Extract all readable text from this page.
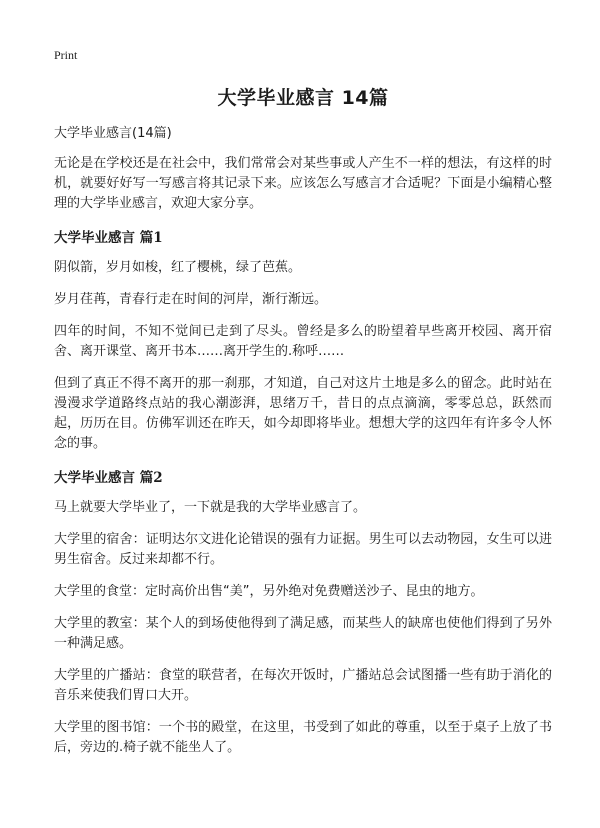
Print
大学毕业感言 14篇

大学毕业感言(14篇)

无论是在学校还是在社会中，我们常常会对某些事或人产生不一样的想法，有这样的时机，就要好好写一写感言将其记录下来。应该怎么写感言才合适呢？下面是小编精心整理的大学毕业感言，欢迎大家分享。

大学毕业感言 篇1

阴似箭，岁月如梭，红了樱桃，绿了芭蕉。

岁月荏苒，青春行走在时间的河岸，渐行渐远。

四年的时间，不知不觉间已走到了尽头。曾经是多么的盼望着早些离开校园、离开宿舍、离开课堂、离开书本……离开学生的.称呼……

但到了真正不得不离开的那一刹那，才知道，自己对这片土地是多么的留念。此时站在漫漫求学道路终点站的我心潮澎湃，思绪万千，昔日的点点滴滴，零零总总，跃然而起，历历在目。仿佛军训还在昨天，如今却即将毕业。想想大学的这四年有许多令人怀念的事。

大学毕业感言 篇2

马上就要大学毕业了，一下就是我的大学毕业感言了。

大学里的宿舍：证明达尔文进化论错误的强有力证据。男生可以去动物园，女生可以进男生宿舍。反过来却都不行。

大学里的食堂：定时高价出售“美”，另外绝对免费赠送沙子、昆虫的地方。

大学里的教室：某个人的到场使他得到了满足感，而某些人的缺席也使他们得到了另外一种满足感。

大学里的广播站：食堂的联营者，在每次开饭时，广播站总会试图播一些有助于消化的音乐来使我们胃口大开。

大学里的图书馆：一个书的殿堂，在这里，书受到了如此的尊重，以至于桌子上放了书后，旁边的.椅子就不能坐人了。
